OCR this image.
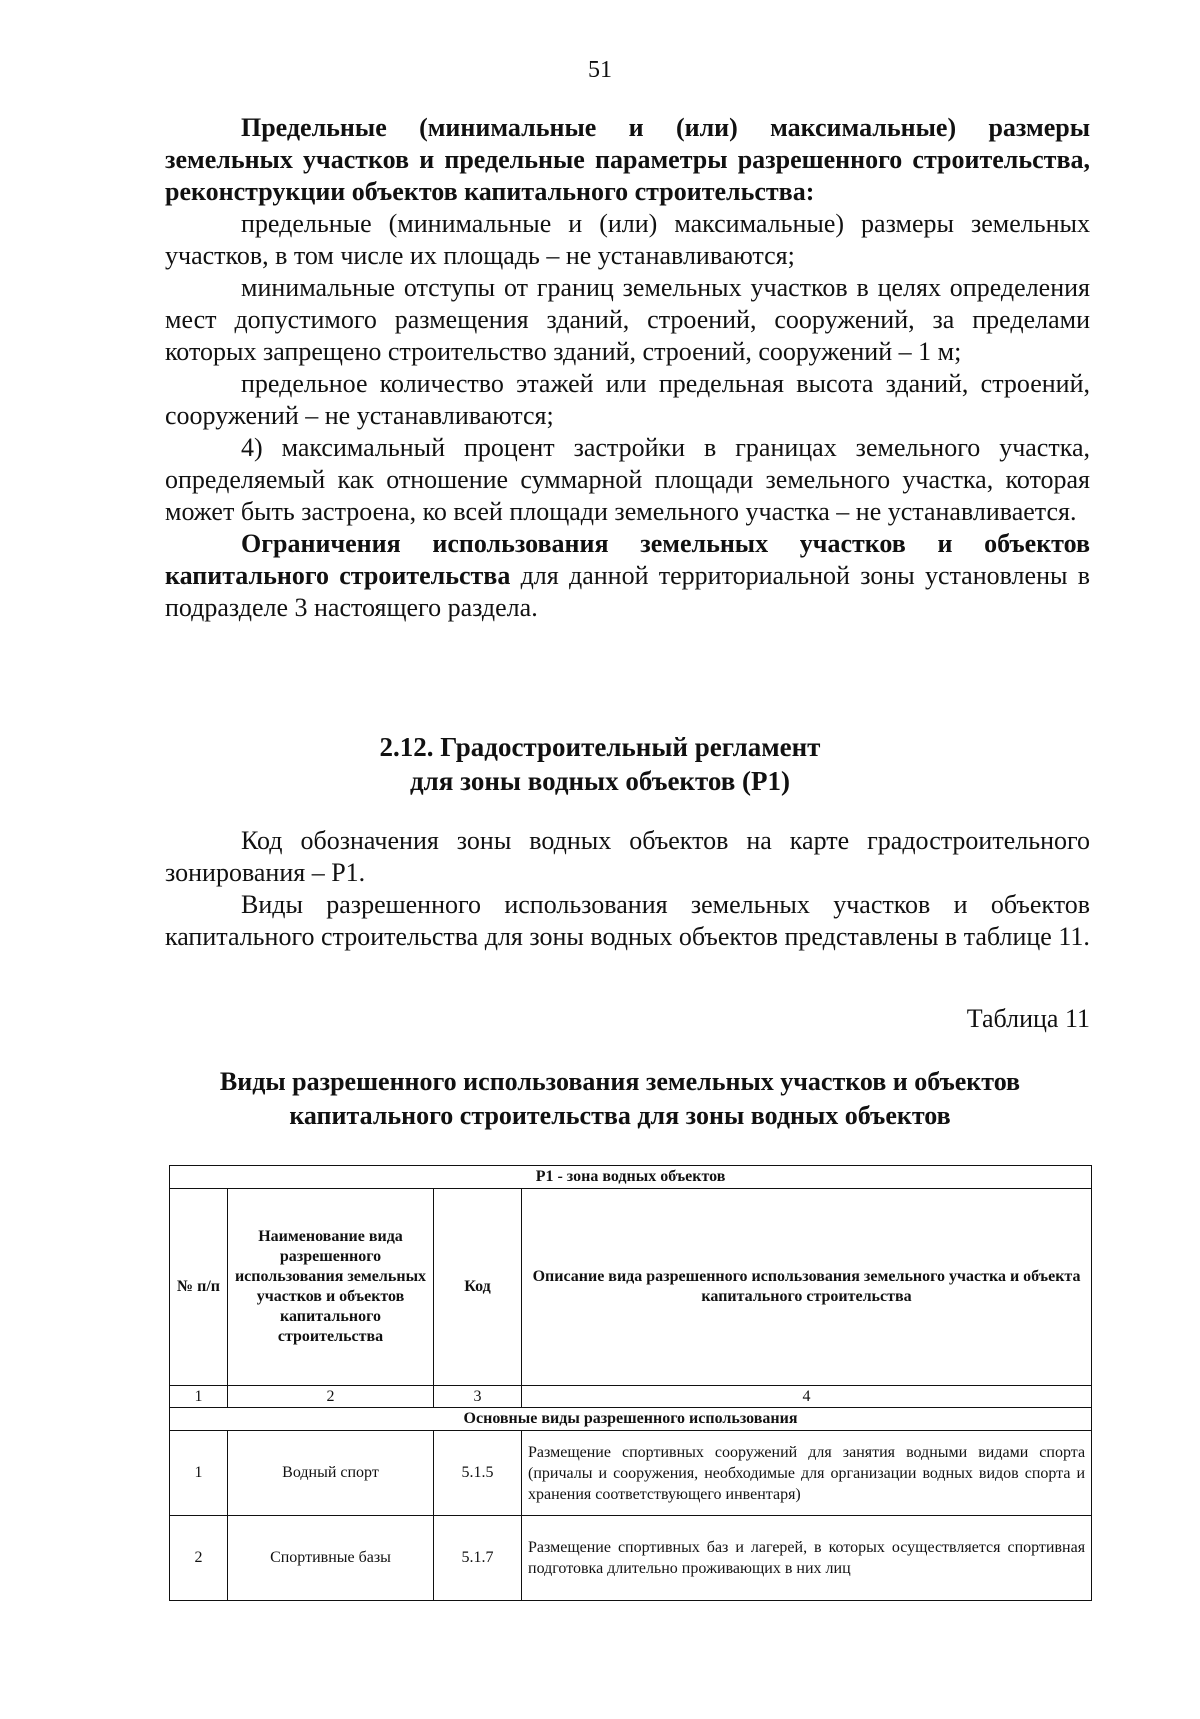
51

Предельные (минимальные и (или) максимальные) размеры земельных участков и предельные параметры разрешенного строительства, реконструкции объектов капитального строительства:

предельные (минимальные и (или) максимальные) размеры земельных участков, в том числе их площадь – не устанавливаются;

минимальные отступы от границ земельных участков в целях определения мест допустимого размещения зданий, строений, сооружений, за пределами которых запрещено строительство зданий, строений, сооружений – 1 м;

предельное количество этажей или предельная высота зданий, строений, сооружений – не устанавливаются;

4) максимальный процент застройки в границах земельного участка, определяемый как отношение суммарной площади земельного участка, которая может быть застроена, ко всей площади земельного участка – не устанавливается.

Ограничения использования земельных участков и объектов капитального строительства для данной территориальной зоны установлены в подразделе 3 настоящего раздела.

2.12. Градостроительный регламент
для зоны водных объектов (Р1)

Код обозначения зоны водных объектов на карте градостроительного зонирования – Р1.

Виды разрешенного использования земельных участков и объектов капитального строительства для зоны водных объектов представлены в таблице 11.

Таблица 11
Виды разрешенного использования земельных участков и объектов капитального строительства для зоны водных объектов
Р1 - зона водных объектов			
№ п/п	Наименование вида разрешенного использования земельных участков и объектов капитального строительства	Код	Описание вида разрешенного использования земельного участка и объекта капитального строительства
1	2	3	4
Основные виды разрешенного использования			
1	Водный спорт	5.1.5	Размещение спортивных сооружений для занятия водными видами спорта (причалы и сооружения, необходимые для организации водных видов спорта и хранения соответствующего инвентаря)
2	Спортивные базы	5.1.7	Размещение спортивных баз и лагерей, в которых осуществляется спортивная подготовка длительно проживающих в них лиц
